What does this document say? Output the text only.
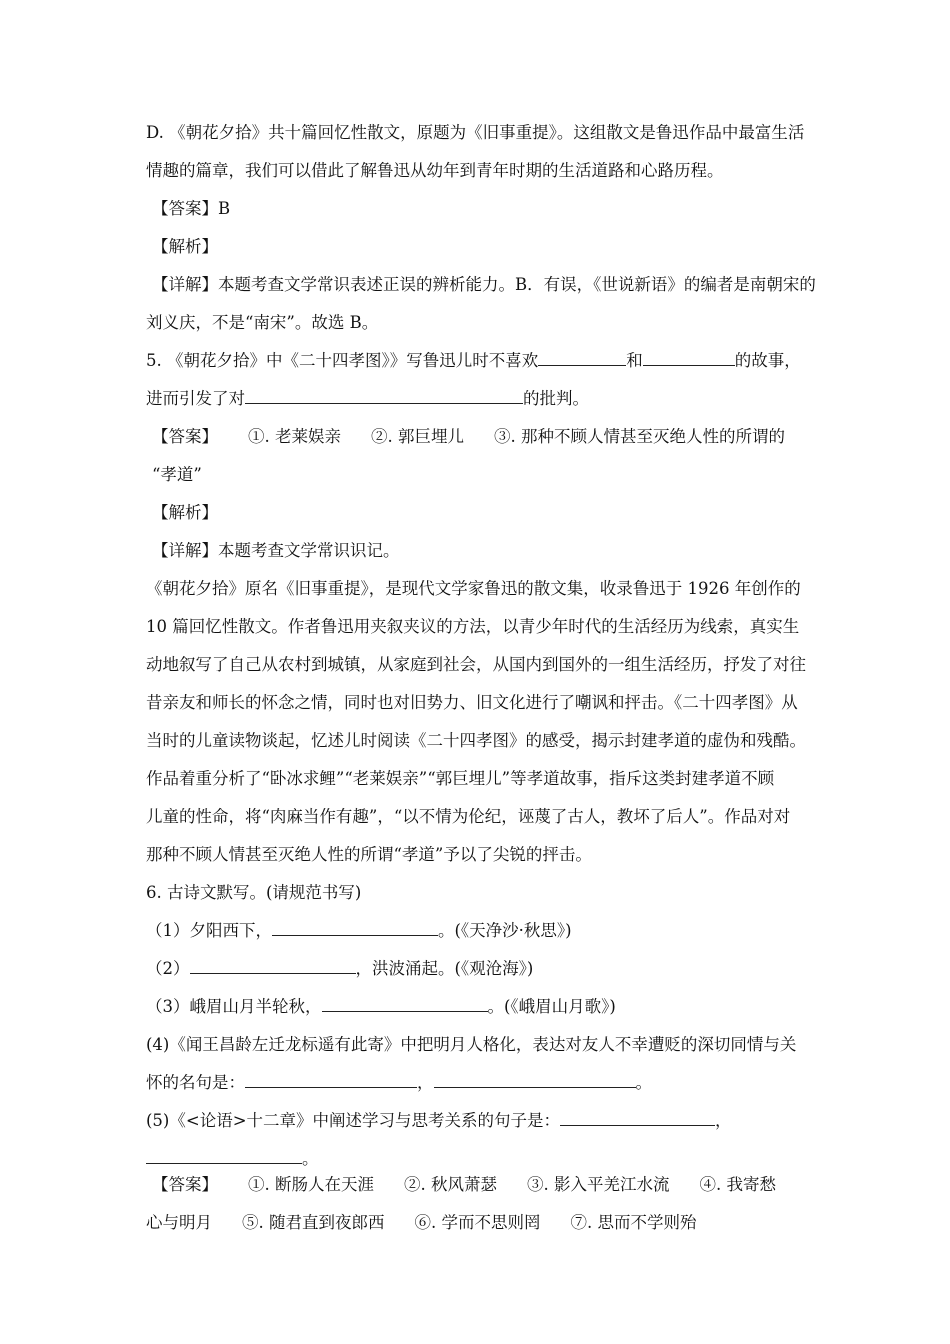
D. 《朝花夕拾》共十篇回忆性散文，原题为《旧事重提》。这组散文是鲁迅作品中最富生活
情趣的篇章，我们可以借此了解鲁迅从幼年到青年时期的生活道路和心路历程。
【答案】B
【解析】
【详解】本题考查文学常识表述正误的辨析能力。B．有误，《世说新语》的编者是南朝宋的
刘义庆，不是“南宋”。故选 B。
5. 《朝花夕拾》中《二十四孝图》》写鲁迅儿时不喜欢	和	的故事，
进而引发了对	的批判。
【答案】 ①. 老莱娱亲 ②. 郭巨埋儿 ③. 那种不顾人情甚至灭绝人性的所谓的
“孝道”
【解析】
【详解】本题考查文学常识识记。
《朝花夕拾》原名《旧事重提》，是现代文学家鲁迅的散文集，收录鲁迅于 1926 年创作的
10 篇回忆性散文。作者鲁迅用夹叙夹议的方法，以青少年时代的生活经历为线索，真实生
动地叙写了自己从农村到城镇，从家庭到社会，从国内到国外的一组生活经历，抒发了对往
昔亲友和师长的怀念之情，同时也对旧势力、旧文化进行了嘲讽和抨击。《二十四孝图》从
当时的儿童读物谈起，忆述儿时阅读《二十四孝图》的感受，揭示封建孝道的虚伪和残酷。
作品着重分析了“卧冰求鲤”“老莱娱亲”“郭巨埋儿”等孝道故事，指斥这类封建孝道不顾
儿童的性命，将“肉麻当作有趣”，“以不情为伦纪，诬蔑了古人，教坏了后人”。作品对对
那种不顾人情甚至灭绝人性的所谓“孝道”予以了尖锐的抨击。
6. 古诗文默写。(请规范书写)
（1）夕阳西下，	。(《天净沙·秋思》)
（2）	，洪波涌起。(《观沧海》)
（3）峨眉山月半轮秋，	。(《峨眉山月歌》)
(4)《闻王昌龄左迁龙标遥有此寄》中把明月人格化，表达对友人不幸遭贬的深切同情与关
怀的名句是：	，	。
(5)《<论语>十二章》中阐述学习与思考关系的句子是：	，
。
【答案】 ①. 断肠人在天涯 ②. 秋风萧瑟 ③. 影入平羌江水流 ④. 我寄愁
心与明月 ⑤. 随君直到夜郎西 ⑥. 学而不思则罔 ⑦. 思而不学则殆
